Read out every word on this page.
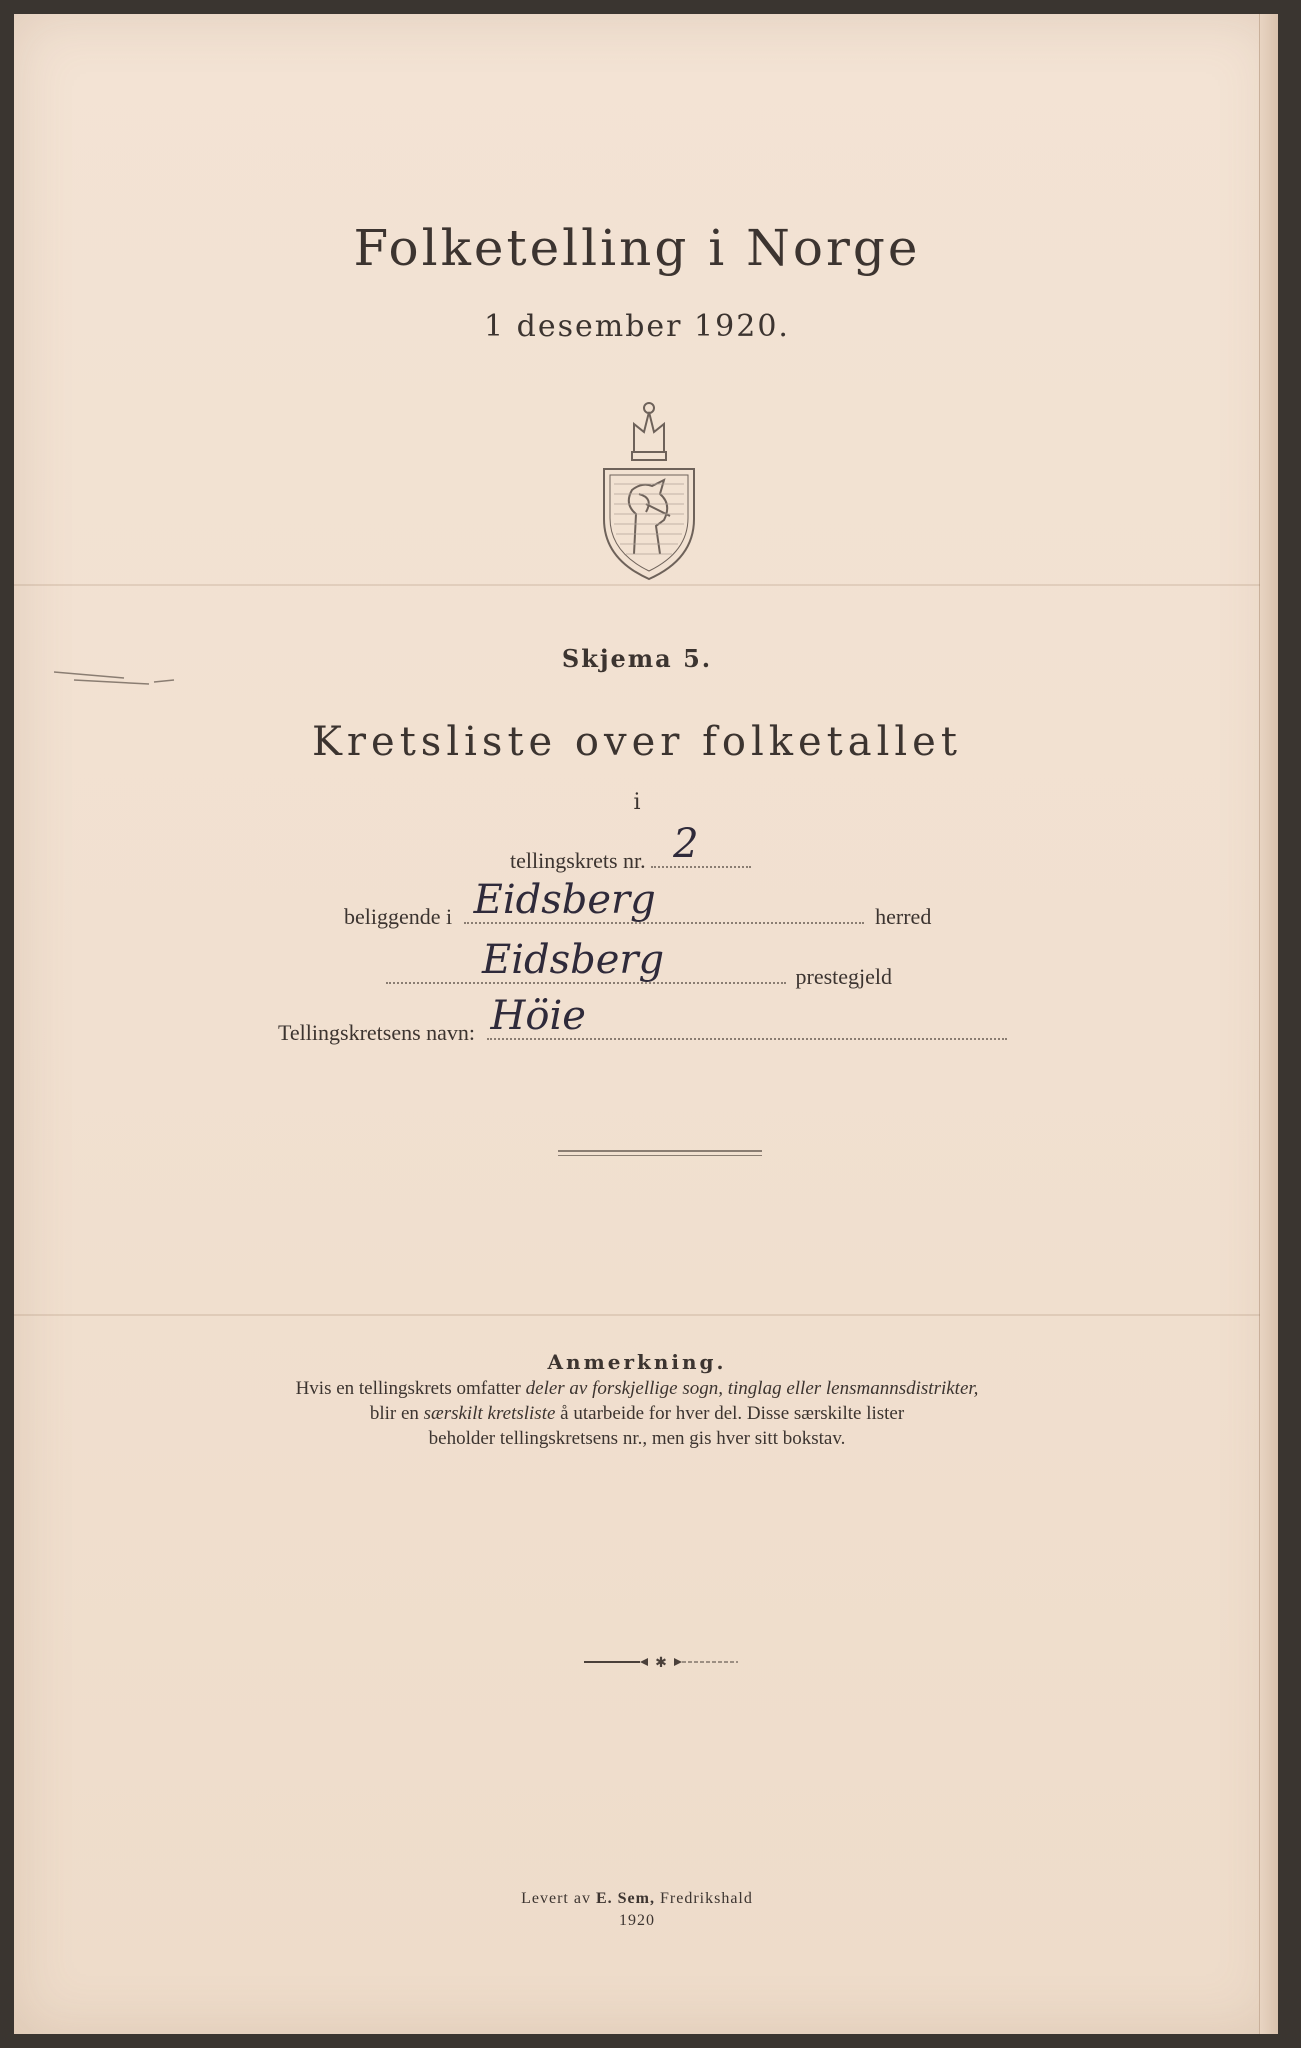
Folketelling i Norge
1 desember 1920.
Skjema 5.
Kretsliste over folketallet
i
tellingskrets nr. 2
beliggende i Eidsberg	herred
Eidsberg	prestegjeld
Tellingskretsens navn: Höie
Anmerkning.
Hvis en tellingskrets omfatter deler av forskjellige sogn, tinglag eller lensmannsdistrikter,
blir en særskilt kretsliste å utarbeide for hver del. Disse særskilte lister
beholder tellingskretsens nr., men gis hver sitt bokstav.
✱
Levert av E. Sem, Fredrikshald
1920
